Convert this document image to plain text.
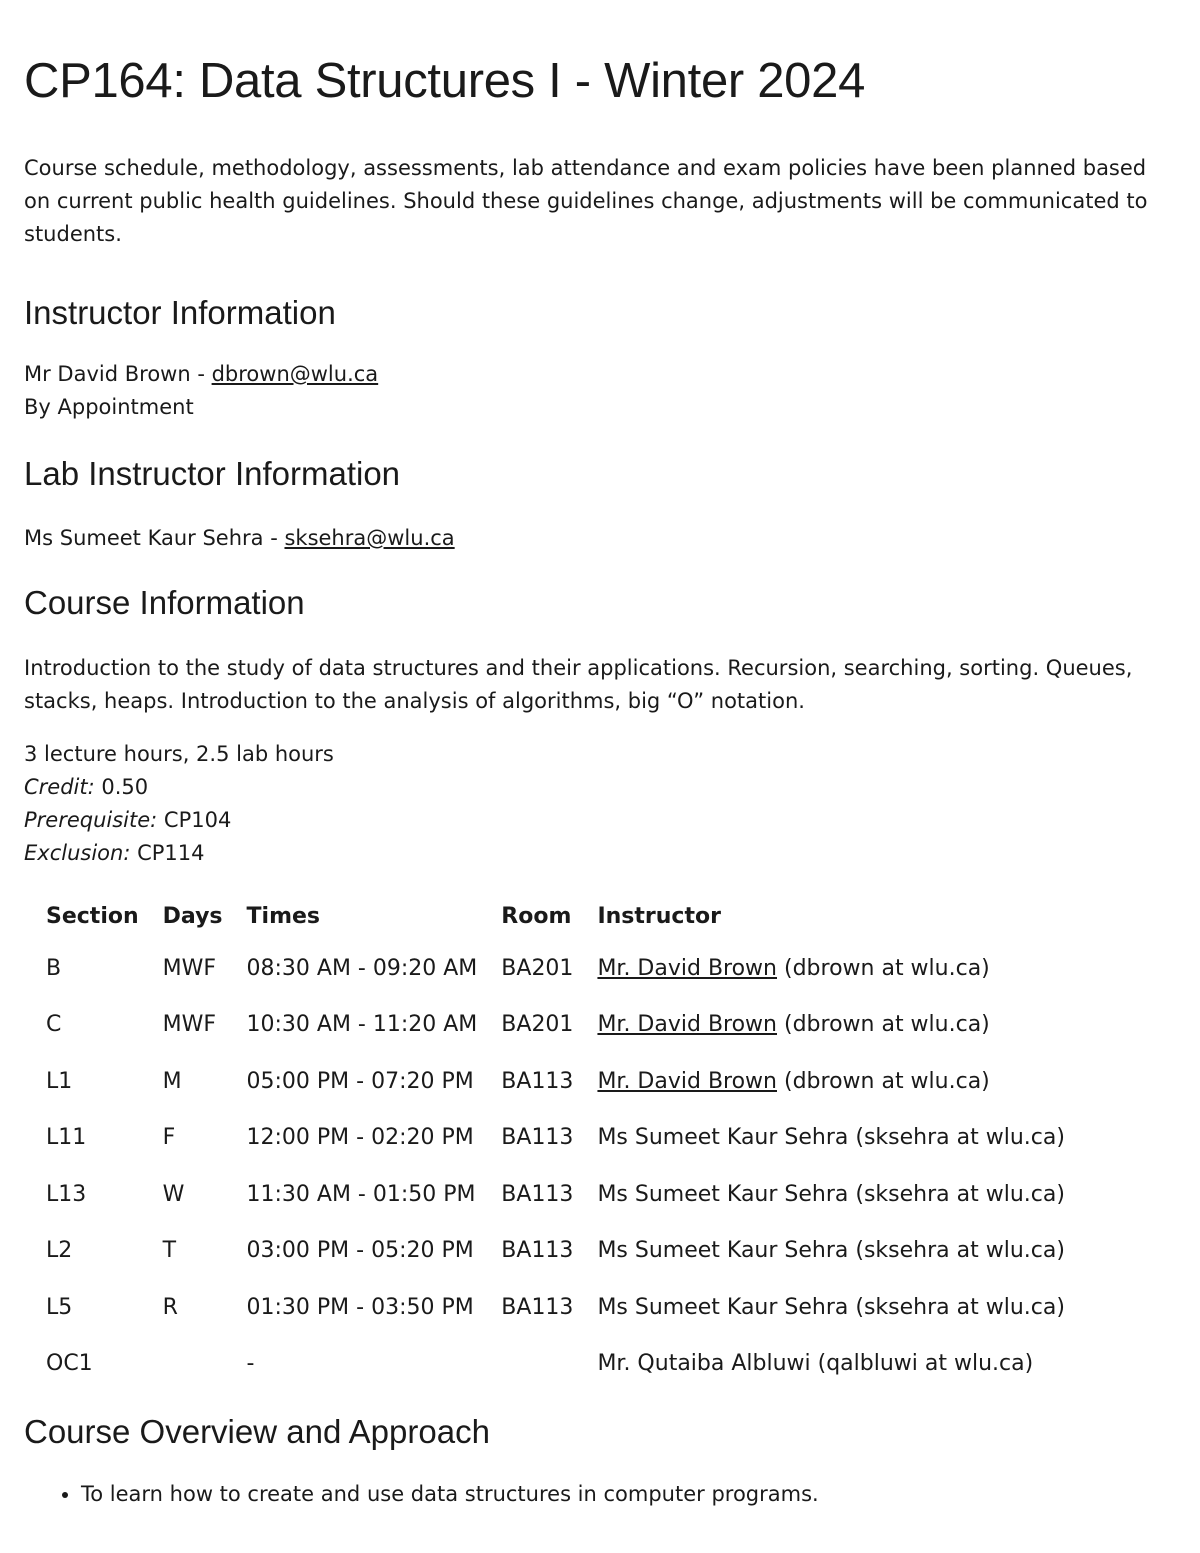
CP164: Data Structures I - Winter 2024

Course schedule, methodology, assessments, lab attendance and exam policies have been planned based on current public health guidelines. Should these guidelines change, adjustments will be communicated to students.

Instructor Information

Mr David Brown - dbrown@wlu.ca
By Appointment

Lab Instructor Information

Ms Sumeet Kaur Sehra - sksehra@wlu.ca

Course Information

Introduction to the study of data structures and their applications. Recursion, searching, sorting. Queues, stacks, heaps. Introduction to the analysis of algorithms, big “O” notation.

3 lecture hours, 2.5 lab hours
Credit: 0.50
Prerequisite: CP104
Exclusion: CP114

Section	Days	Times	Room	Instructor
B	MWF	08:30 AM - 09:20 AM	BA201	Mr. David Brown (dbrown at wlu.ca)
C	MWF	10:30 AM - 11:20 AM	BA201	Mr. David Brown (dbrown at wlu.ca)
L1	M	05:00 PM - 07:20 PM	BA113	Mr. David Brown (dbrown at wlu.ca)
L11	F	12:00 PM - 02:20 PM	BA113	Ms Sumeet Kaur Sehra (sksehra at wlu.ca)
L13	W	11:30 AM - 01:50 PM	BA113	Ms Sumeet Kaur Sehra (sksehra at wlu.ca)
L2	T	03:00 PM - 05:20 PM	BA113	Ms Sumeet Kaur Sehra (sksehra at wlu.ca)
L5	R	01:30 PM - 03:50 PM	BA113	Ms Sumeet Kaur Sehra (sksehra at wlu.ca)
OC1		-		Mr. Qutaiba Albluwi (qalbluwi at wlu.ca)
Course Overview and Approach
• To learn how to create and use data structures in computer programs.
